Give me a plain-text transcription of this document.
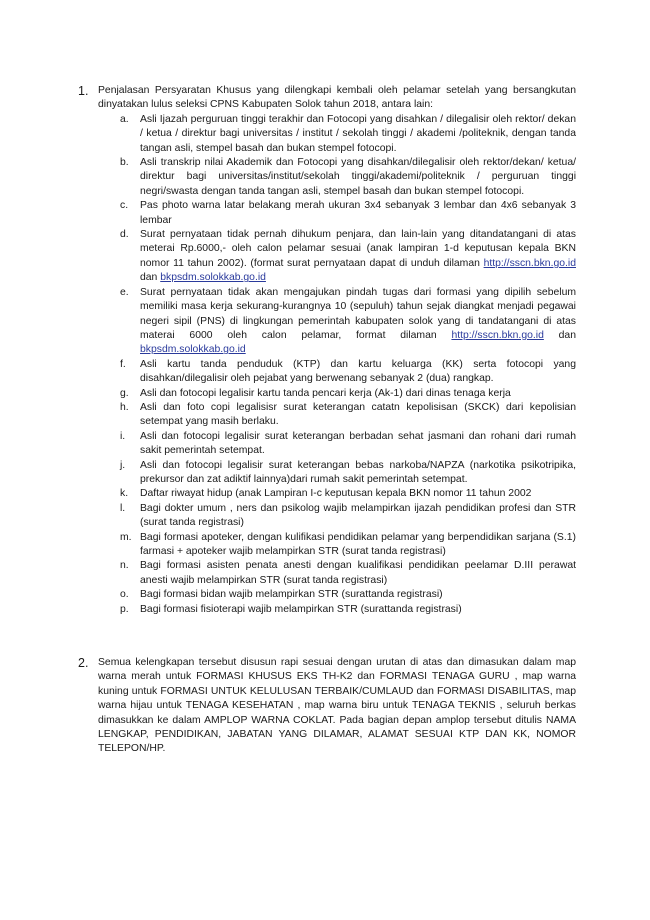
1. Penjalasan Persyaratan Khusus yang dilengkapi kembali oleh pelamar setelah yang bersangkutan dinyatakan lulus seleksi CPNS Kabupaten Solok tahun 2018, antara lain:
a. Asli Ijazah perguruan tinggi terakhir dan Fotocopi yang disahkan / dilegalisir oleh rektor/ dekan / ketua / direktur bagi universitas / institut / sekolah tinggi / akademi /politeknik, dengan tanda tangan asli, stempel basah dan bukan stempel fotocopi.
b. Asli transkrip nilai Akademik dan Fotocopi yang disahkan/dilegalisir oleh rektor/dekan/ ketua/ direktur bagi universitas/institut/sekolah tinggi/akademi/politeknik / perguruan tinggi negri/swasta dengan tanda tangan asli, stempel basah dan bukan stempel fotocopi.
c. Pas photo warna latar belakang merah ukuran 3x4 sebanyak 3 lembar dan 4x6 sebanyak 3 lembar
d. Surat pernyataan tidak pernah dihukum penjara, dan lain-lain yang ditandatangani di atas meterai Rp.6000,- oleh calon pelamar sesuai (anak lampiran 1-d keputusan kepala BKN nomor 11 tahun 2002). (format surat pernyataan dapat di unduh dilaman http://sscn.bkn.go.id dan bkpsdm.solokkab.go.id
e. Surat pernyataan tidak akan mengajukan pindah tugas dari formasi yang dipilih sebelum memiliki masa kerja sekurang-kurangnya 10 (sepuluh) tahun sejak diangkat menjadi pegawai negeri sipil (PNS) di lingkungan pemerintah kabupaten solok yang di tandatangani di atas materai 6000 oleh calon pelamar, format dilaman http://sscn.bkn.go.id dan bkpsdm.solokkab.go.id
f. Asli kartu tanda penduduk (KTP) dan kartu keluarga (KK) serta fotocopi yang disahkan/dilegalisir oleh pejabat yang berwenang sebanyak 2 (dua) rangkap.
g. Asli dan fotocopi legalisir kartu tanda pencari kerja (Ak-1) dari dinas tenaga kerja
h. Asli dan foto copi legalisisr surat keterangan catatn kepolisisan (SKCK) dari kepolisian setempat yang masih berlaku.
i. Asli dan fotocopi legalisir surat keterangan berbadan sehat jasmani dan rohani dari rumah sakit pemerintah setempat.
j. Asli dan fotocopi legalisir surat keterangan bebas narkoba/NAPZA (narkotika psikotripika, prekursor dan zat adiktif lainnya)dari rumah sakit pemerintah setempat.
k. Daftar riwayat hidup (anak Lampiran I-c keputusan kepala BKN nomor 11 tahun 2002
l. Bagi dokter umum , ners dan psikolog wajib melampirkan ijazah pendidikan profesi dan STR (surat tanda registrasi)
m. Bagi formasi apoteker, dengan kulifikasi pendidikan pelamar yang berpendidikan sarjana (S.1) farmasi + apoteker wajib melampirkan STR (surat tanda registrasi)
n. Bagi formasi asisten penata anesti dengan kualifikasi pendidikan peelamar D.III perawat anesti wajib melampirkan STR (surat tanda registrasi)
o. Bagi formasi bidan wajib melampirkan STR (surattanda registrasi)
p. Bagi formasi fisioterapi wajib melampirkan STR (surattanda registrasi)
2. Semua kelengkapan tersebut disusun rapi sesuai dengan urutan di atas dan dimasukan dalam map warna merah untuk FORMASI KHUSUS EKS TH-K2 dan FORMASI TENAGA GURU , map warna kuning untuk FORMASI UNTUK KELULUSAN TERBAIK/CUMLAUD dan FORMASI DISABILITAS, map warna hijau untuk TENAGA KESEHATAN , map warna biru untuk TENAGA TEKNIS , seluruh berkas dimasukkan ke dalam AMPLOP WARNA COKLAT. Pada bagian depan amplop tersebut ditulis NAMA LENGKAP, PENDIDIKAN, JABATAN YANG DILAMAR, ALAMAT SESUAI KTP DAN KK, NOMOR TELEPON/HP.
